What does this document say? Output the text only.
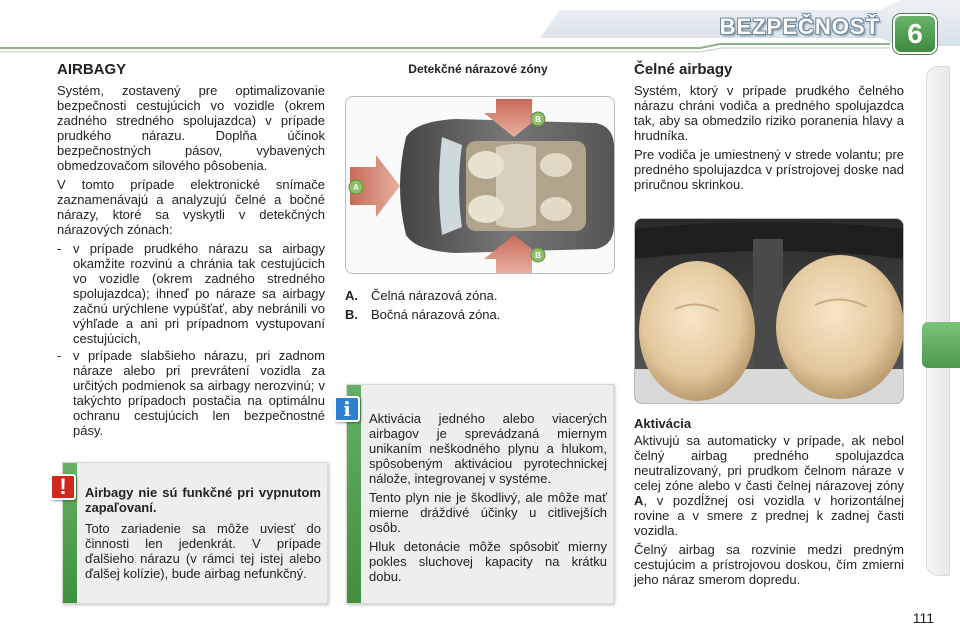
BEZPEČNOSŤ 6
AIRBAGY

Systém, zostavený pre optimalizovanie bezpečnosti cestujúcich vo vozidle (okrem zadného stredného spolujazdca) v prípade prudkého nárazu. Doplňa účinok bezpečnostných pásov, vybavených obmedzovačom silového pôsobenia.

V tomto prípade elektronické snímače zaznamenávajú a analyzujú čelné a bočné nárazy, ktoré sa vyskytli v detekčných nárazových zónach:

- v prípade prudkého nárazu sa airbagy okamžite rozvinú a chránia tak cestujúcich vo vozidle (okrem zadného stredného spolujazdca); ihneď po náraze sa airbagy začnú urýchlene vypúšťať, aby nebránili vo výhľade a ani pri prípadnom vystupovaní cestujúcich,
- v prípade slabšieho nárazu, pri zadnom náraze alebo pri prevrátení vozidla za určitých podmienok sa airbagy nerozvinú; v takýchto prípadoch postačia na optimálnu ochranu cestujúcich len bezpečnostné pásy.

Airbagy nie sú funkčné pri vypnutom zapaľovaní.

Toto zariadenie sa môže uviesť do činnosti len jedenkrát. V prípade ďalšieho nárazu (v rámci tej istej alebo ďalšej kolízie), bude airbag nefunkčný.

!
Detekčné nárazové zóny
A
B
B
A.	Čelná nárazová zóna.
B.	Bočná nárazová zóna.

Aktivácia jedného alebo viacerých airbagov je sprevádzaná miernym unikaním neškodného plynu a hlukom, spôsobeným aktiváciou pyrotechnickej nálože, integrovanej v systéme.

Tento plyn nie je škodlivý, ale môže mať mierne dráždivé účinky u citlivejších osôb.

Hluk detonácie môže spôsobiť mierny pokles sluchovej kapacity na krátku dobu.

i
Čelné airbagy

Systém, ktorý v prípade prudkého čelného nárazu chráni vodiča a predného spolujazdca tak, aby sa obmedzilo riziko poranenia hlavy a hrudníka.

Pre vodiča je umiestnený v strede volantu; pre predného spolujazdca v prístrojovej doske nad priručnou skrinkou.

Aktivácia

Aktivujú sa automaticky v prípade, ak nebol čelný airbag predného spolujazdca neutralizovaný, pri prudkom čelnom náraze v celej zóne alebo v časti čelnej nárazovej zóny A, v pozdĺžnej osi vozidla v horizontálnej rovine a v smere z prednej k zadnej časti vozidla.

Čelný airbag sa rozvinie medzi predným cestujúcim a prístrojovou doskou, čím zmierni jeho náraz smerom dopredu.

111
